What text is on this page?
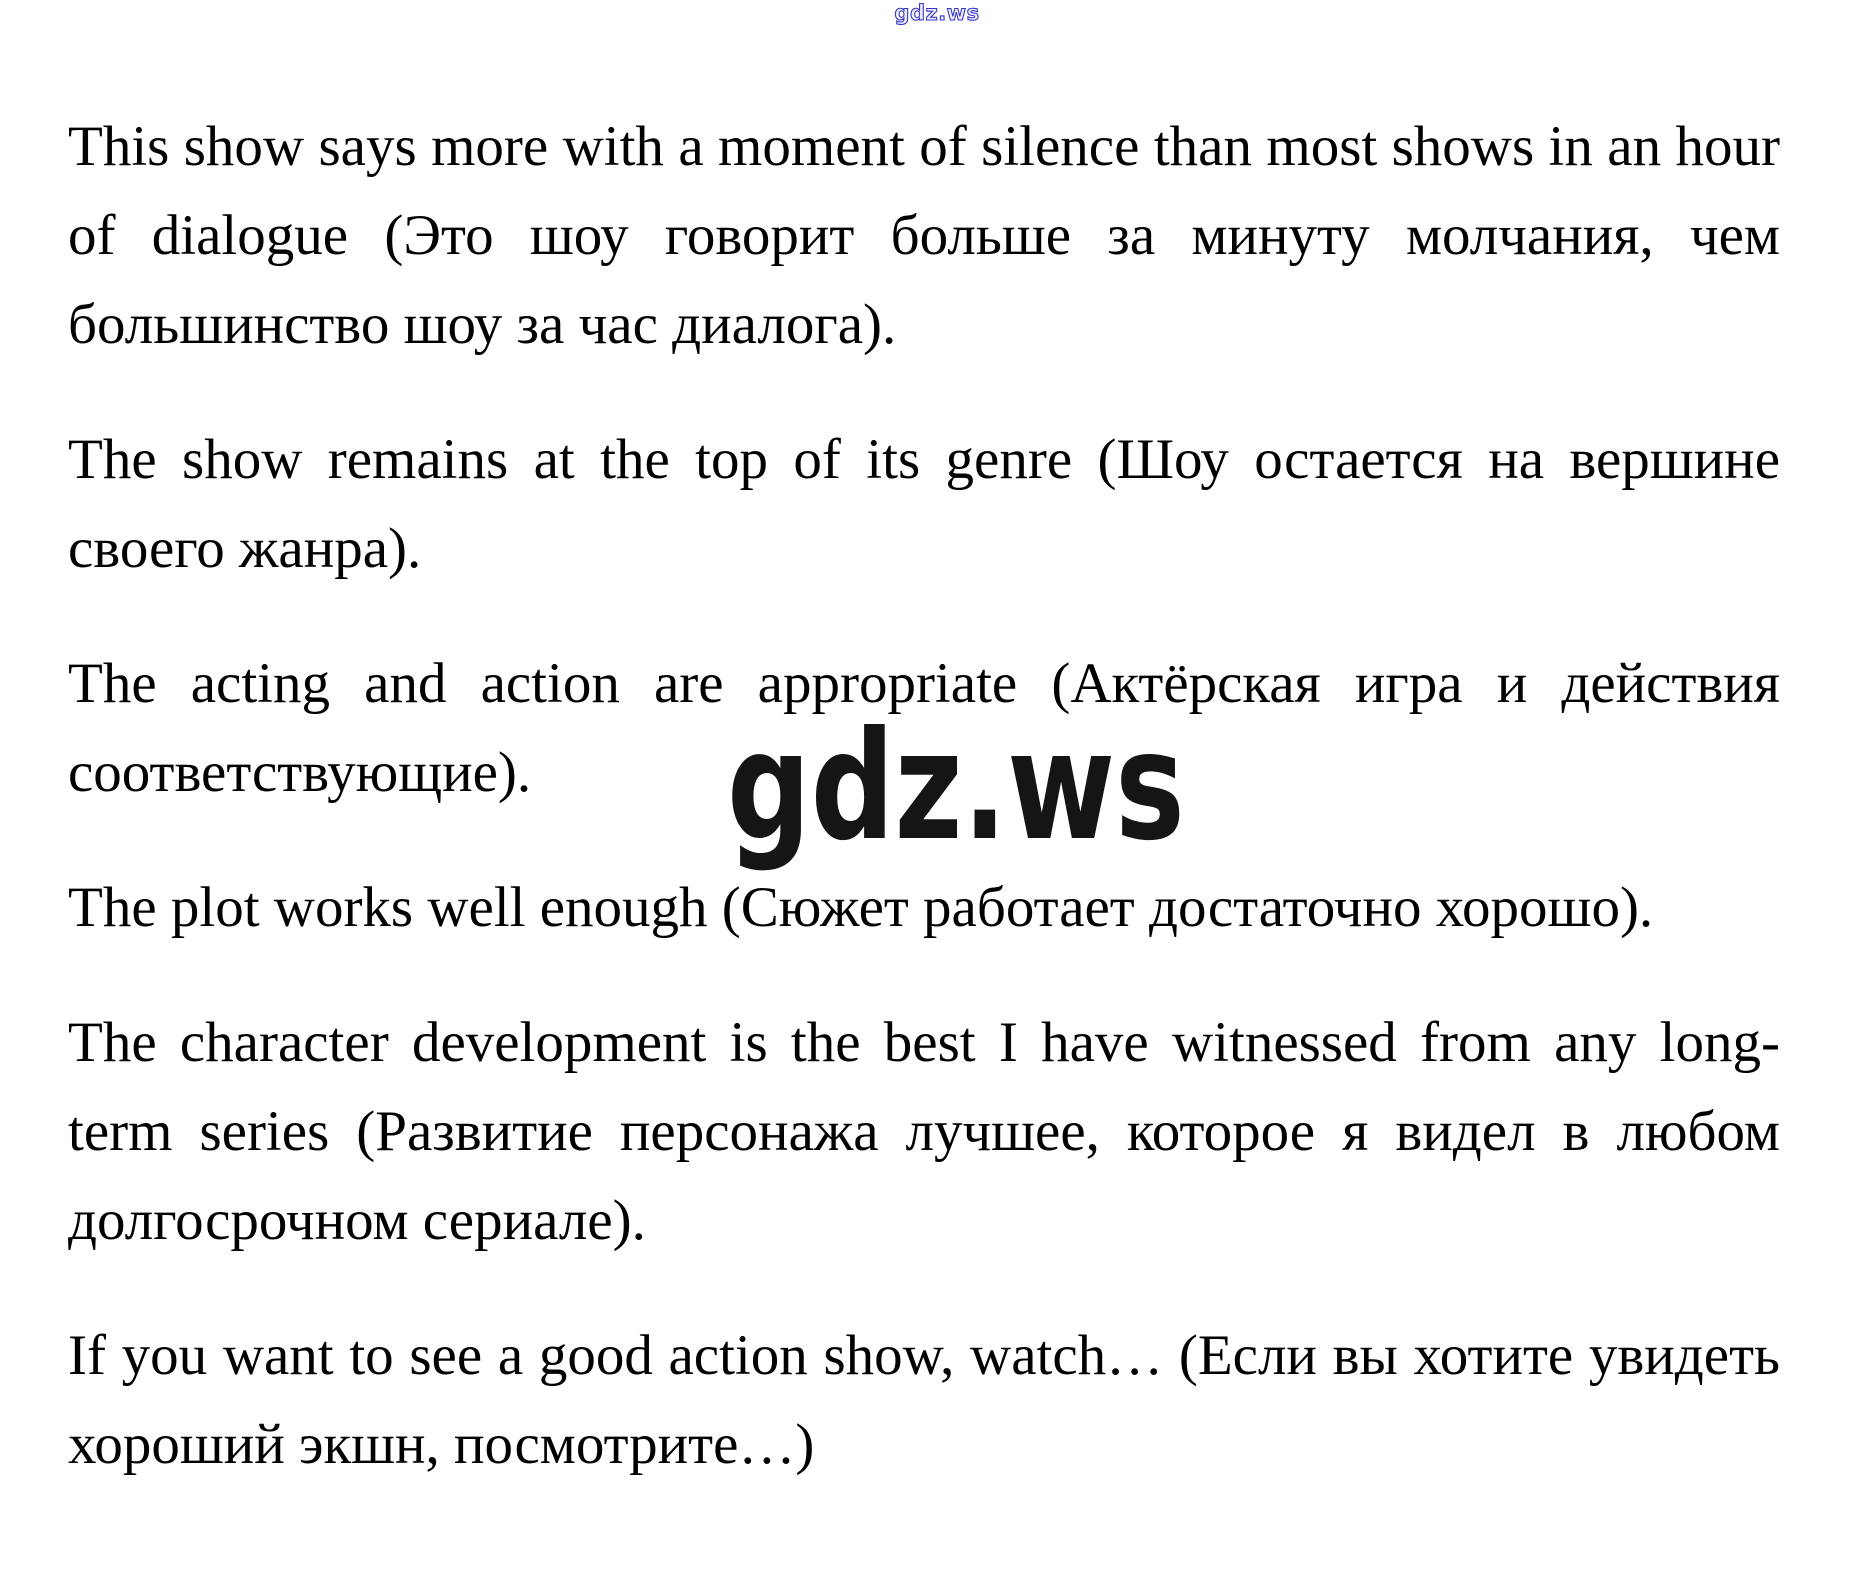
gdz.ws
gdz.ws
This show says more with a moment of silence than most shows in an hour
of dialogue (Это шоу говорит больше за минуту молчания, чем
большинство шоу за час диалога).
The show remains at the top of its genre (Шоу остается на вершине
своего жанра).
The acting and action are appropriate (Актёрская игра и действия
соответствующие).
The plot works well enough (Сюжет работает достаточно хорошо).
The character development is the best I have witnessed from any long-
term series (Развитие персонажа лучшее, которое я видел в любом
долгосрочном сериале).
If you want to see a good action show, watch… (Если вы хотите увидеть
хороший экшн, посмотрите…)
